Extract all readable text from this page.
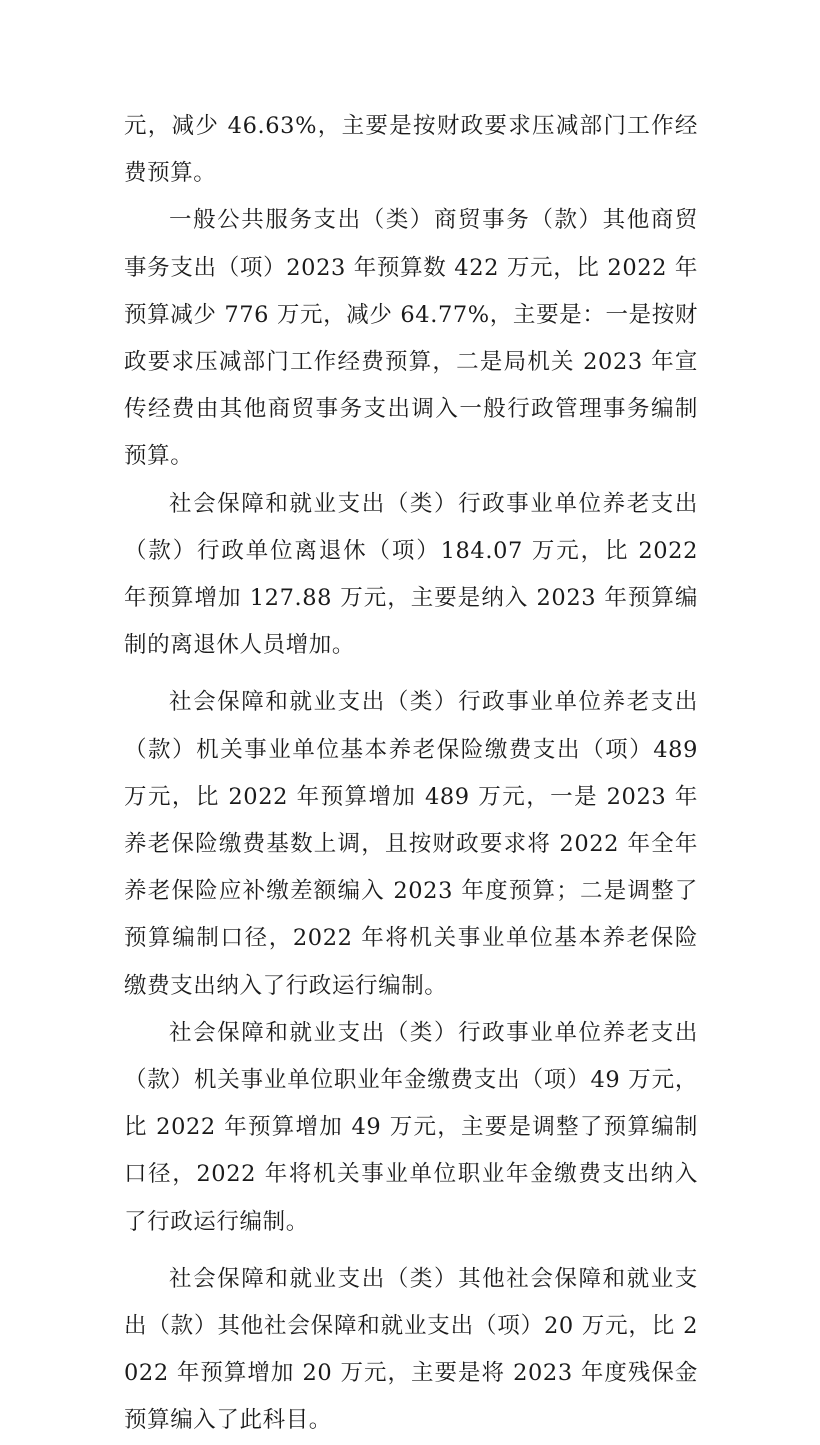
元，减少 46.63%，主要是按财政要求压减部门工作经费预算。

一般公共服务支出（类）商贸事务（款）其他商贸事务支出（项）2023 年预算数 422 万元，比 2022 年预算减少 776 万元，减少 64.77%，主要是：一是按财政要求压减部门工作经费预算，二是局机关 2023 年宣传经费由其他商贸事务支出调入一般行政管理事务编制预算。

社会保障和就业支出（类）行政事业单位养老支出（款）行政单位离退休（项）184.07 万元，比 2022 年预算增加 127.88 万元，主要是纳入 2023 年预算编制的离退休人员增加。

社会保障和就业支出（类）行政事业单位养老支出（款）机关事业单位基本养老保险缴费支出（项）489 万元，比 2022 年预算增加 489 万元，一是 2023 年养老保险缴费基数上调，且按财政要求将 2022 年全年养老保险应补缴差额编入 2023 年度预算；二是调整了预算编制口径，2022 年将机关事业单位基本养老保险缴费支出纳入了行政运行编制。

社会保障和就业支出（类）行政事业单位养老支出（款）机关事业单位职业年金缴费支出（项）49 万元，比 2022 年预算增加 49 万元，主要是调整了预算编制口径，2022 年将机关事业单位职业年金缴费支出纳入了行政运行编制。

社会保障和就业支出（类）其他社会保障和就业支出（款）其他社会保障和就业支出（项）20 万元，比 2022 年预算增加 20 万元，主要是将 2023 年度残保金预算编入了此科目。
